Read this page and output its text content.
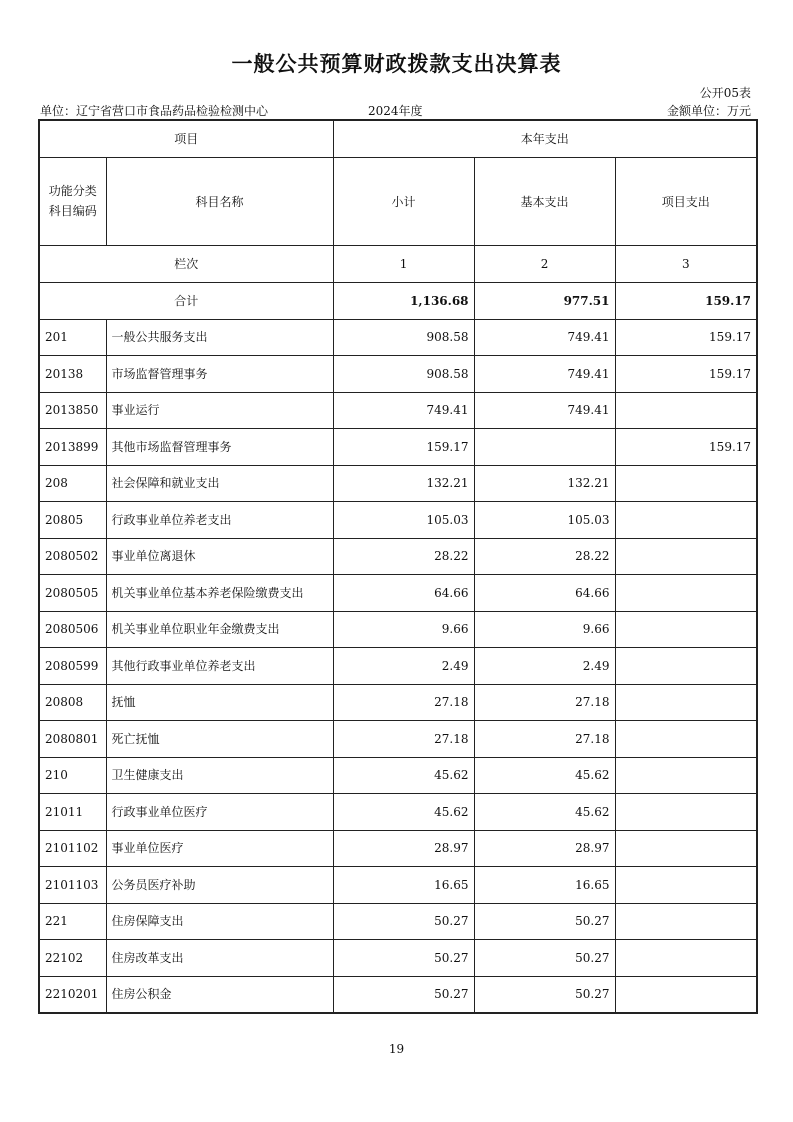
一般公共预算财政拨款支出决算表
公开05表
单位：辽宁省营口市食品药品检验检测中心	2024年度	金额单位：万元
项目		本年支出		
功能分类科目编码	科目名称	小计	基本支出	项目支出
栏次		1	2	3
合计		1,136.68	977.51	159.17
201	一般公共服务支出	908.58	749.41	159.17
20138	市场监督管理事务	908.58	749.41	159.17
2013850	事业运行	749.41	749.41	
2013899	其他市场监督管理事务	159.17		159.17
208	社会保障和就业支出	132.21	132.21	
20805	行政事业单位养老支出	105.03	105.03	
2080502	事业单位离退休	28.22	28.22	
2080505	机关事业单位基本养老保险缴费支出	64.66	64.66	
2080506	机关事业单位职业年金缴费支出	9.66	9.66	
2080599	其他行政事业单位养老支出	2.49	2.49	
20808	抚恤	27.18	27.18	
2080801	死亡抚恤	27.18	27.18	
210	卫生健康支出	45.62	45.62	
21011	行政事业单位医疗	45.62	45.62	
2101102	事业单位医疗	28.97	28.97	
2101103	公务员医疗补助	16.65	16.65	
221	住房保障支出	50.27	50.27	
22102	住房改革支出	50.27	50.27	
2210201	住房公积金	50.27	50.27	
19
